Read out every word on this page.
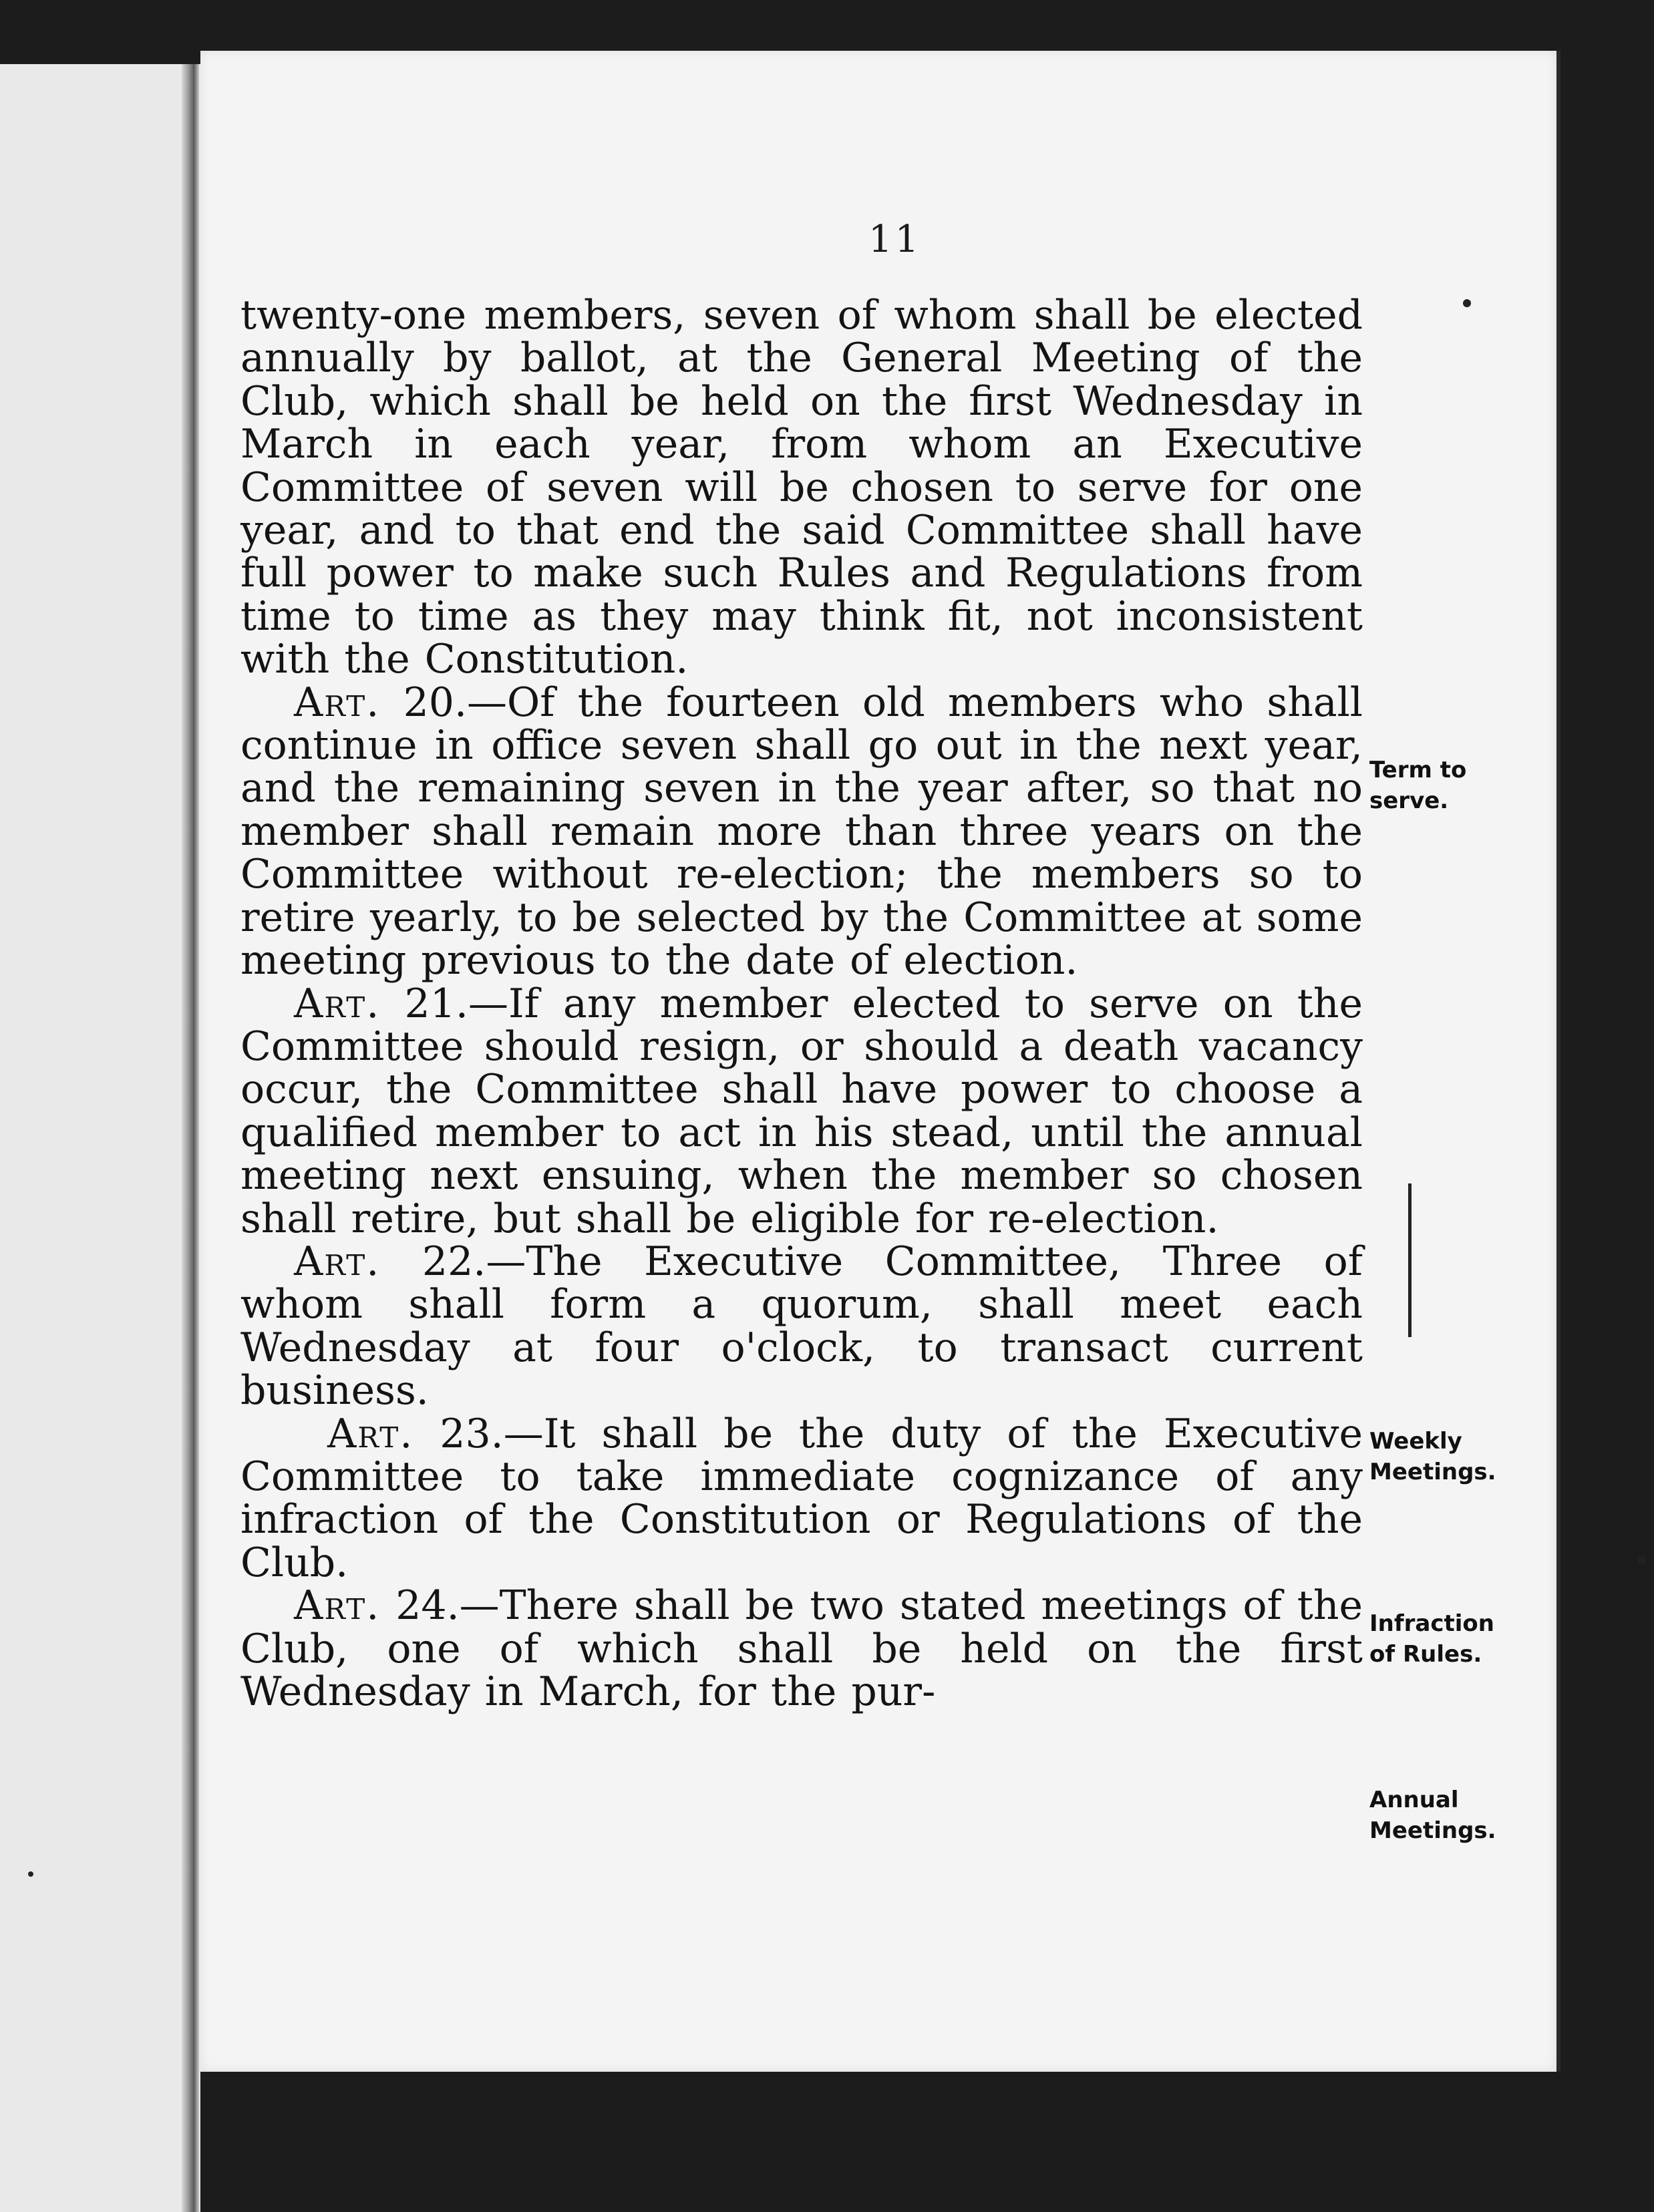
11

twenty-one members, seven of whom shall be elected annually by ballot, at the General Meeting of the Club, which shall be held on the first Wednesday in March in each year, from whom an Executive Committee of seven will be chosen to serve for one year, and to that end the said Committee shall have full power to make such Rules and Regulations from time to time as they may think fit, not inconsistent with the Constitution.

Art. 20.—Of the fourteen old members who shall continue in office seven shall go out in the next year, and the remaining seven in the year after, so that no member shall remain more than three years on the Committee without re-election; the members so to retire yearly, to be selected by the Committee at some meeting previous to the date of election.

Art. 21.—If any member elected to serve on the Committee should resign, or should a death vacancy occur, the Committee shall have power to choose a qualified member to act in his stead, until the annual meeting next ensuing, when the member so chosen shall retire, but shall be eligible for re-election.

Art. 22.—The Executive Committee, Three of whom shall form a quorum, shall meet each Wednesday at four o'clock, to transact current business.

Art. 23.—It shall be the duty of the Executive Committee to take immediate cognizance of any infraction of the Constitution or Regulations of the Club.

Art. 24.—There shall be two stated meetings of the Club, one of which shall be held on the first Wednesday in March, for the pur-

Term to
serve.
Weekly
Meetings.
Infraction
of Rules.
Annual
Meetings.
